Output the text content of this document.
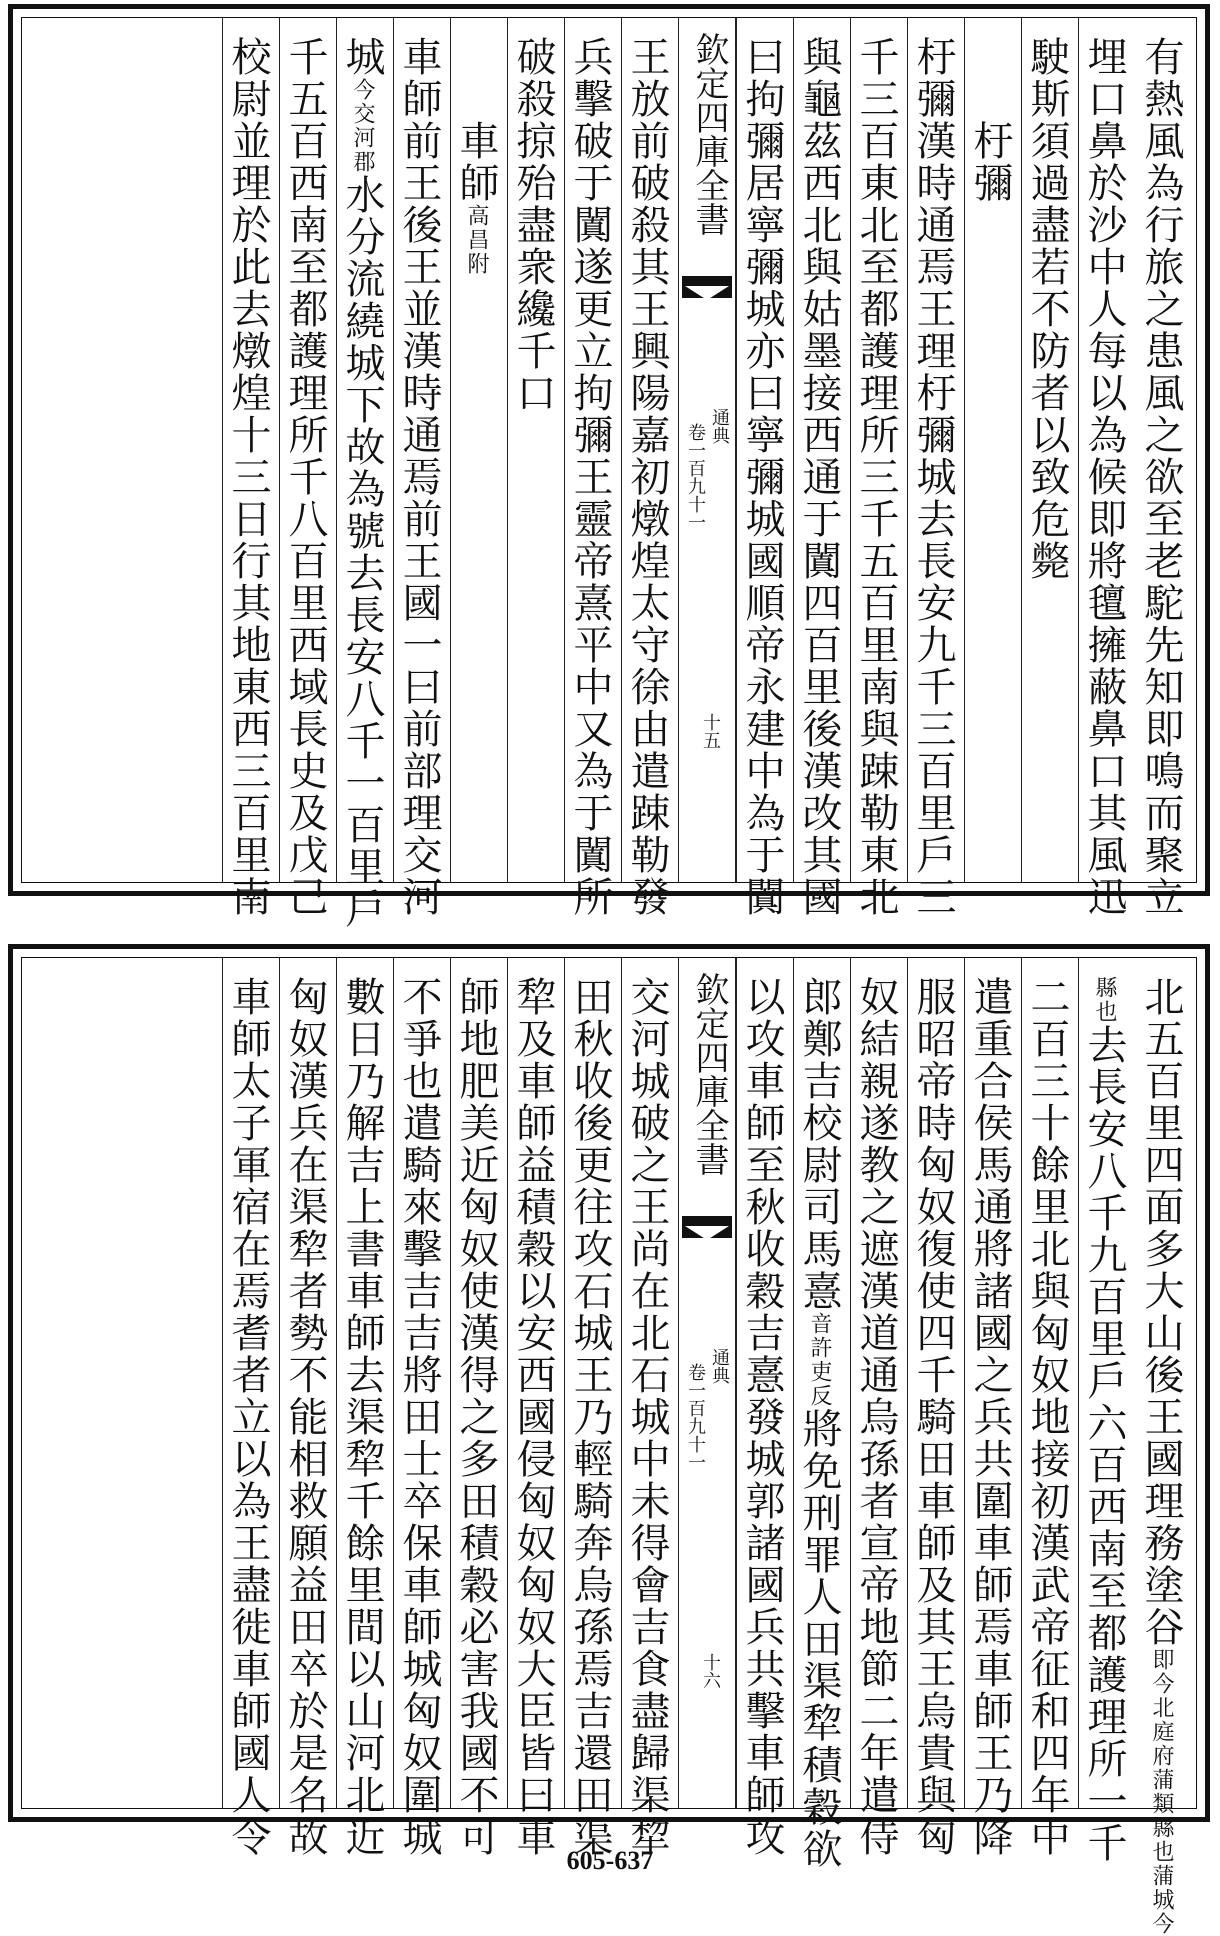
有熱風為行旅之患風之欲至老駝先知即鳴而聚立
埋口鼻於沙中人每以為候即將氊擁蔽鼻口其風迅
駛斯須過盡若不防者以致危斃
　　杅彌
杅彌漢時通焉王理杅彌城去長安九千三百里戶三
千三百東北至都護理所三千五百里南與踈勒東北
與龜茲西北與姑墨接西通于闐四百里後漢改其國
曰拘彌居寧彌城亦曰寧彌城國順帝永建中為于闐
欽定四庫全書
通典
卷一百九十一
十五
王放前破殺其王興陽嘉初燉煌太守徐由遣踈勒發
兵擊破于闐遂更立拘彌王靈帝熹平中又為于闐所
破殺掠殆盡衆纔千口
　　車師高昌附
車師前王後王並漢時通焉前王國一曰前部理交河
城今交河郡水分流繞城下故為號去長安八千一百里戶
千五百西南至都護理所千八百里西域長史及戊己
校尉並理於此去燉煌十三日行其地東西三百里南
北五百里四面多大山後王國理務塗谷即今北庭府蒲類縣也蒲城今
縣也去長安八千九百里戶六百西南至都護理所一千
二百三十餘里北與匈奴地接初漢武帝征和四年中
遣重合侯馬通將諸國之兵共圍車師焉車師王乃降
服昭帝時匈奴復使四千騎田車師及其王烏貴與匈
奴結親遂教之遮漢道通烏孫者宣帝地節二年遣侍
郎鄭吉校尉司馬憙音許吏反將免刑罪人田渠犂積穀欲
以攻車師至秋收穀吉憙發城郭諸國兵共擊車師攻
欽定四庫全書
通典
卷一百九十一
十六
交河城破之王尚在北石城中未得會吉食盡歸渠犂
田秋收後更往攻石城王乃輕騎奔烏孫焉吉還田渠
犂及車師益積穀以安西國侵匈奴匈奴大臣皆曰車
師地肥美近匈奴使漢得之多田積穀必害我國不可
不爭也遣騎來擊吉吉將田士卒保車師城匈奴圍城
數日乃解吉上書車師去渠犂千餘里間以山河北近
匈奴漢兵在渠犂者勢不能相救願益田卒於是名故
車師太子軍宿在焉耆者立以為王盡徙車師國人令
605-637
